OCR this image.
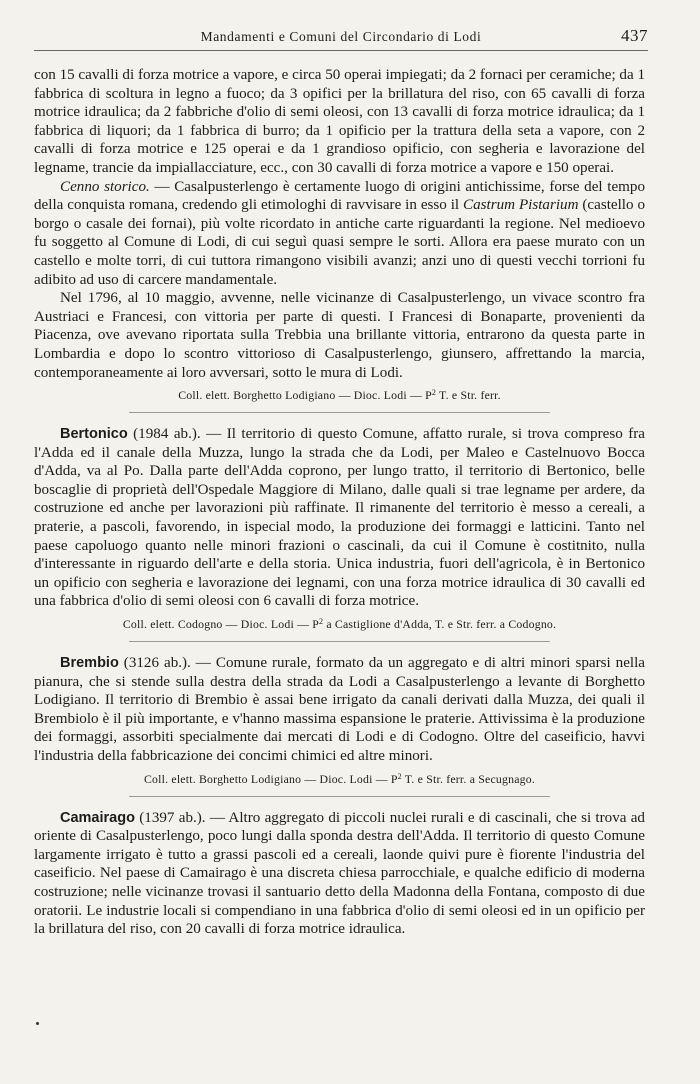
Mandamenti e Comuni del Circondario di Lodi	437

con 15 cavalli di forza motrice a vapore, e circa 50 operai impiegati; da 2 fornaci per ceramiche; da 1 fabbrica di scoltura in legno a fuoco; da 3 opifici per la brillatura del riso, con 65 cavalli di forza motrice idraulica; da 2 fabbriche d'olio di semi oleosi, con 13 cavalli di forza motrice idraulica; da 1 fabbrica di liquori; da 1 fabbrica di burro; da 1 opificio per la trattura della seta a vapore, con 2 cavalli di forza motrice e 125 operai e da 1 grandioso opificio, con segheria e lavorazione del legname, trancie da impiallacciature, ecc., con 30 cavalli di forza motrice a vapore e 150 operai.

Cenno storico. — Casalpusterlengo è certamente luogo di origini antichissime, forse del tempo della conquista romana, credendo gli etimologhi di ravvisare in esso il Castrum Pistarium (castello o borgo o casale dei fornai), più volte ricordato in antiche carte riguardanti la regione. Nel medioevo fu soggetto al Comune di Lodi, di cui seguì quasi sempre le sorti. Allora era paese murato con un castello e molte torri, di cui tuttora rimangono visibili avanzi; anzi uno di questi vecchi torrioni fu adibito ad uso di carcere mandamentale.

Nel 1796, al 10 maggio, avvenne, nelle vicinanze di Casalpusterlengo, un vivace scontro fra Austriaci e Francesi, con vittoria per parte di questi. I Francesi di Bonaparte, provenienti da Piacenza, ove avevano riportata sulla Trebbia una brillante vittoria, entrarono da questa parte in Lombardia e dopo lo scontro vittorioso di Casalpusterlengo, giunsero, affrettando la marcia, contemporaneamente ai loro avversari, sotto le mura di Lodi.

Coll. elett. Borghetto Lodigiano — Dioc. Lodi — $P^2$ T. e Str. ferr.

Bertonico (1984 ab.). — Il territorio di questo Comune, affatto rurale, si trova compreso fra l'Adda ed il canale della Muzza, lungo la strada che da Lodi, per Maleo e Castelnuovo Bocca d'Adda, va al Po. Dalla parte dell'Adda coprono, per lungo tratto, il territorio di Bertonico, belle boscaglie di proprietà dell'Ospedale Maggiore di Milano, dalle quali si trae legname per ardere, da costruzione ed anche per lavorazioni più raffinate. Il rimanente del territorio è messo a cereali, a praterie, a pascoli, favorendo, in ispecial modo, la produzione dei formaggi e latticini. Tanto nel paese capoluogo quanto nelle minori frazioni o cascinali, da cui il Comune è costitnito, nulla d'interessante in riguardo dell'arte e della storia. Unica industria, fuori dell'agricola, è in Bertonico un opificio con segheria e lavorazione dei legnami, con una forza motrice idraulica di 30 cavalli ed una fabbrica d'olio di semi oleosi con 6 cavalli di forza motrice.

Coll. elett. Codogno — Dioc. Lodi — $P^2$ a Castiglione d'Adda, T. e Str. ferr. a Codogno.

Brembio (3126 ab.). — Comune rurale, formato da un aggregato e di altri minori sparsi nella pianura, che si stende sulla destra della strada da Lodi a Casalpusterlengo a levante di Borghetto Lodigiano. Il territorio di Brembio è assai bene irrigato da canali derivati dalla Muzza, dei quali il Brembiolo è il più importante, e v'hanno massima espansione le praterie. Attivissima è la produzione dei formaggi, assorbiti specialmente dai mercati di Lodi e di Codogno. Oltre del caseificio, havvi l'industria della fabbricazione dei concimi chimici ed altre minori.

Coll. elett. Borghetto Lodigiano — Dioc. Lodi — $P^2$ T. e Str. ferr. a Secugnago.

Camairago (1397 ab.). — Altro aggregato di piccoli nuclei rurali e di cascinali, che si trova ad oriente di Casalpusterlengo, poco lungi dalla sponda destra dell'Adda. Il territorio di questo Comune largamente irrigato è tutto a grassi pascoli ed a cereali, laonde quivi pure è fiorente l'industria del caseificio. Nel paese di Camairago è una discreta chiesa parrocchiale, e qualche edificio di moderna costruzione; nelle vicinanze trovasi il santuario detto della Madonna della Fontana, composto di due oratorii. Le industrie locali si compendiano in una fabbrica d'olio di semi oleosi ed in un opificio per la brillatura del riso, con 20 cavalli di forza motrice idraulica.
